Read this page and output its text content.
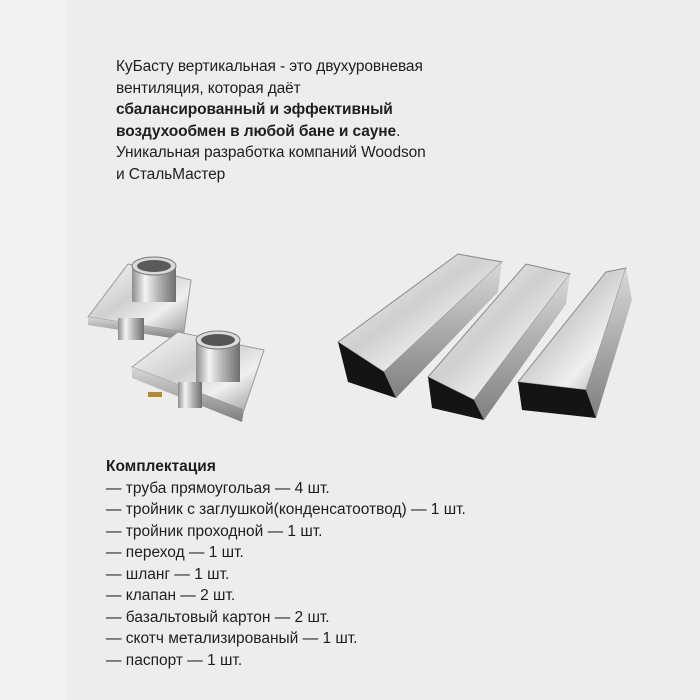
КуБасту вертикальная - это двухуровневая вентиляция, которая даёт сбалансированный и эффективный воздухообмен в любой бане и сауне. Уникальная разработка компаний Woodson и СтальМастер

Комплектация
— труба прямоугольая — 4 шт.
— тройник с заглушкой(конденсатоотвод) — 1 шт.
— тройник проходной — 1 шт.
— переход — 1 шт.
— шланг — 1 шт.
— клапан — 2 шт.
— базальтовый картон — 2 шт.
— скотч метализированый — 1 шт.
— паспорт — 1 шт.
